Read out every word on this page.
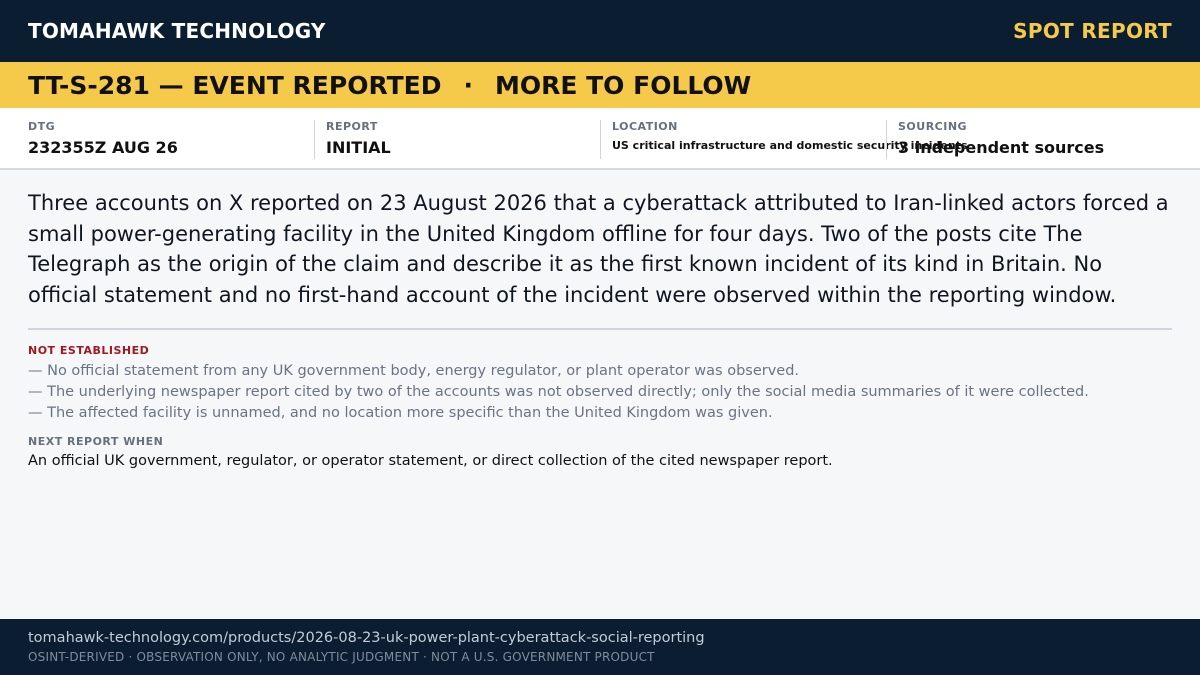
TOMAHAWK TECHNOLOGY	SPOT REPORT
TT-S-281 — EVENT REPORTED · MORE TO FOLLOW
DTG
232355Z AUG 26
REPORT
INITIAL
LOCATION
US critical infrastructure and domestic security incidents
SOURCING
3 independent sources

Three accounts on X reported on 23 August 2026 that a cyberattack attributed to Iran-linked actors forced a small power-generating facility in the United Kingdom offline for four days. Two of the posts cite The Telegraph as the origin of the claim and describe it as the first known incident of its kind in Britain. No official statement and no first-hand account of the incident were observed within the reporting window.

NOT ESTABLISHED
— No official statement from any UK government body, energy regulator, or plant operator was observed.
— The underlying newspaper report cited by two of the accounts was not observed directly; only the social media summaries of it were collected.
— The affected facility is unnamed, and no location more specific than the United Kingdom was given.
NEXT REPORT WHEN
An official UK government, regulator, or operator statement, or direct collection of the cited newspaper report.
tomahawk-technology.com/products/2026-08-23-uk-power-plant-cyberattack-social-reporting
OSINT-DERIVED · OBSERVATION ONLY, NO ANALYTIC JUDGMENT · NOT A U.S. GOVERNMENT PRODUCT
